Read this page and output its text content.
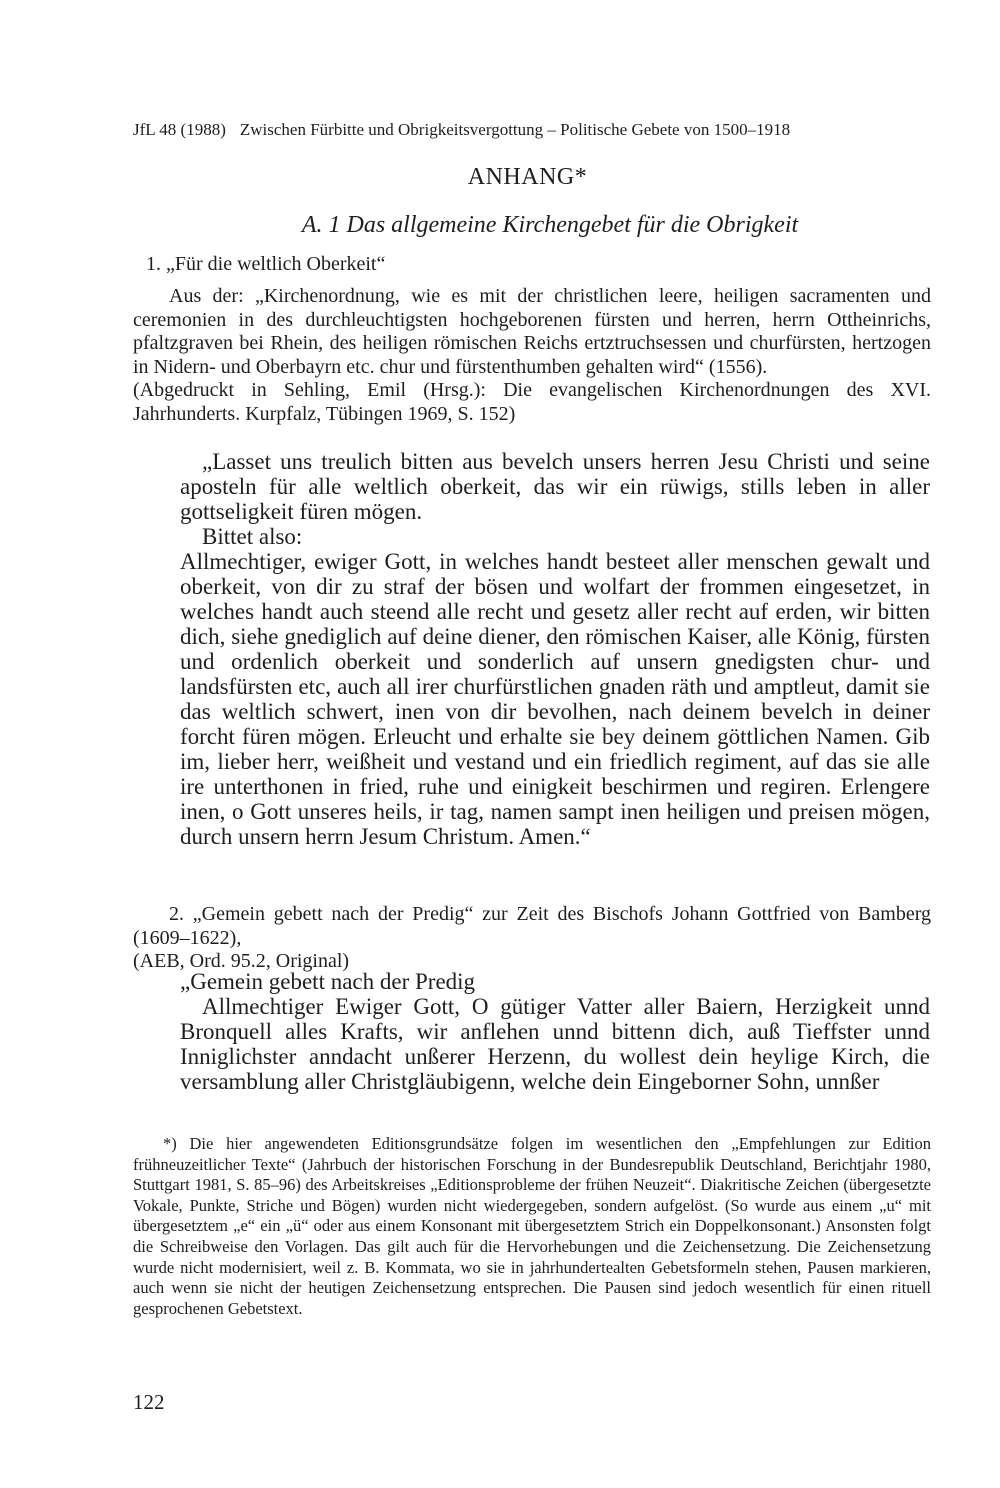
JfL 48 (1988) Zwischen Fürbitte und Obrigkeitsvergottung – Politische Gebete von 1500–1918
ANHANG*
A. 1 Das allgemeine Kirchengebet für die Obrigkeit
1. „Für die weltlich Oberkeit“

Aus der: „Kirchenordnung, wie es mit der christlichen leere, heiligen sacramenten und ceremonien in des durchleuchtigsten hochgeborenen fürsten und herren, herrn Ottheinrichs, pfaltzgraven bei Rhein, des heiligen römischen Reichs ertztruchsessen und churfürsten, hertzogen in Nidern- und Oberbayrn etc. chur und fürstenthumben gehalten wird“ (1556).

(Abgedruckt in Sehling, Emil (Hrsg.): Die evangelischen Kirchenordnungen des XVI. Jahrhunderts. Kurpfalz, Tübingen 1969, S. 152)

„Lasset uns treulich bitten aus bevelch unsers herren Jesu Christi und seine aposteln für alle weltlich oberkeit, das wir ein rüwigs, stills leben in aller gottseligkeit füren mögen.

Bittet also:

Allmechtiger, ewiger Gott, in welches handt besteet aller menschen gewalt und oberkeit, von dir zu straf der bösen und wolfart der frommen eingesetzet, in welches handt auch steend alle recht und gesetz aller recht auf erden, wir bitten dich, siehe gnediglich auf deine diener, den römischen Kaiser, alle König, fürsten und ordenlich oberkeit und sonderlich auf unsern gnedigsten chur- und landsfürsten etc, auch all irer churfürstlichen gnaden räth und amptleut, damit sie das weltlich schwert, inen von dir bevolhen, nach deinem bevelch in deiner forcht füren mögen. Erleucht und erhalte sie bey deinem göttlichen Namen. Gib im, lieber herr, weißheit und vestand und ein friedlich regiment, auf das sie alle ire unterthonen in fried, ruhe und einigkeit beschirmen und regiren. Erlengere inen, o Gott unseres heils, ir tag, namen sampt inen heiligen und preisen mögen, durch unsern herrn Jesum Christum. Amen.“

2. „Gemein gebett nach der Predig“ zur Zeit des Bischofs Johann Gottfried von Bamberg (1609–1622),

(AEB, Ord. 95.2, Original)

„Gemein gebett nach der Predig

Allmechtiger Ewiger Gott, O gütiger Vatter aller Baiern, Herzigkeit unnd Bronquell alles Krafts, wir anflehen unnd bittenn dich, auß Tieffster unnd Inniglichster anndacht unßerer Herzenn, du wollest dein heylige Kirch, die versamblung aller Christgläubigenn, welche dein Eingeborner Sohn, unnßer

*) Die hier angewendeten Editionsgrundsätze folgen im wesentlichen den „Empfehlungen zur Edition frühneuzeitlicher Texte“ (Jahrbuch der historischen Forschung in der Bundesrepublik Deutschland, Berichtjahr 1980, Stuttgart 1981, S. 85–96) des Arbeitskreises „Editionsprobleme der frühen Neuzeit“. Diakritische Zeichen (übergesetzte Vokale, Punkte, Striche und Bögen) wurden nicht wiedergegeben, sondern aufgelöst. (So wurde aus einem „u“ mit übergesetztem „e“ ein „ü“ oder aus einem Konsonant mit übergesetztem Strich ein Doppelkonsonant.) Ansonsten folgt die Schreibweise den Vorlagen. Das gilt auch für die Hervorhebungen und die Zeichensetzung. Die Zeichensetzung wurde nicht modernisiert, weil z. B. Kommata, wo sie in jahrhundertealten Gebetsformeln stehen, Pausen markieren, auch wenn sie nicht der heutigen Zeichensetzung entsprechen. Die Pausen sind jedoch wesentlich für einen rituell gesprochenen Gebetstext.

122
